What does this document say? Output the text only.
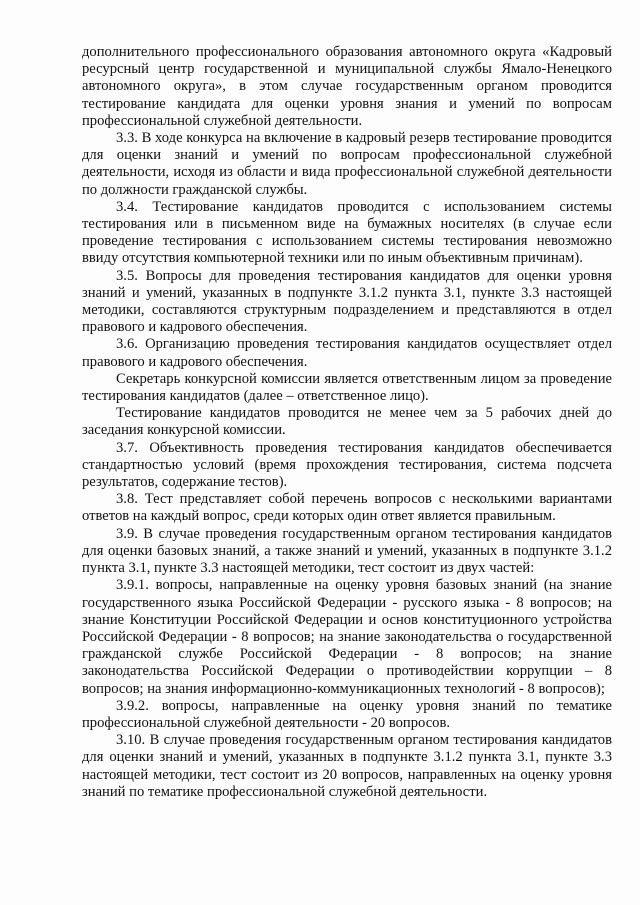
дополнительного профессионального образования автономного округа «Кадровый ресурсный центр государственной и муниципальной службы Ямало-Ненецкого автономного округа», в этом случае государственным органом проводится тестирование кандидата для оценки уровня знания и умений по вопросам профессиональной служебной деятельности.

3.3. В ходе конкурса на включение в кадровый резерв тестирование проводится для оценки знаний и умений по вопросам профессиональной служебной деятельности, исходя из области и вида профессиональной служебной деятельности по должности гражданской службы.

3.4. Тестирование кандидатов проводится с использованием системы тестирования или в письменном виде на бумажных носителях (в случае если проведение тестирования с использованием системы тестирования невозможно ввиду отсутствия компьютерной техники или по иным объективным причинам).

3.5. Вопросы для проведения тестирования кандидатов для оценки уровня знаний и умений, указанных в подпункте 3.1.2 пункта 3.1, пункте 3.3 настоящей методики, составляются структурным подразделением и представляются в отдел правового и кадрового обеспечения.

3.6. Организацию проведения тестирования кандидатов осуществляет отдел правового и кадрового обеспечения.

Секретарь конкурсной комиссии является ответственным лицом за проведение тестирования кандидатов (далее – ответственное лицо).

Тестирование кандидатов проводится не менее чем за 5 рабочих дней до заседания конкурсной комиссии.

3.7. Объективность проведения тестирования кандидатов обеспечивается стандартностью условий (время прохождения тестирования, система подсчета результатов, содержание тестов).

3.8. Тест представляет собой перечень вопросов с несколькими вариантами ответов на каждый вопрос, среди которых один ответ является правильным.

3.9. В случае проведения государственным органом тестирования кандидатов для оценки базовых знаний, а также знаний и умений, указанных в подпункте 3.1.2 пункта 3.1, пункте 3.3 настоящей методики, тест состоит из двух частей:

3.9.1. вопросы, направленные на оценку уровня базовых знаний (на знание государственного языка Российской Федерации - русского языка - 8 вопросов; на знание Конституции Российской Федерации и основ конституционного устройства Российской Федерации - 8 вопросов; на знание законодательства о государственной гражданской службе Российской Федерации - 8 вопросов; на знание законодательства Российской Федерации о противодействии коррупции – 8 вопросов; на знания информационно-коммуникационных технологий - 8 вопросов);

3.9.2. вопросы, направленные на оценку уровня знаний по тематике профессиональной служебной деятельности - 20 вопросов.

3.10. В случае проведения государственным органом тестирования кандидатов для оценки знаний и умений, указанных в подпункте 3.1.2 пункта 3.1, пункте 3.3 настоящей методики, тест состоит из 20 вопросов, направленных на оценку уровня знаний по тематике профессиональной служебной деятельности.
